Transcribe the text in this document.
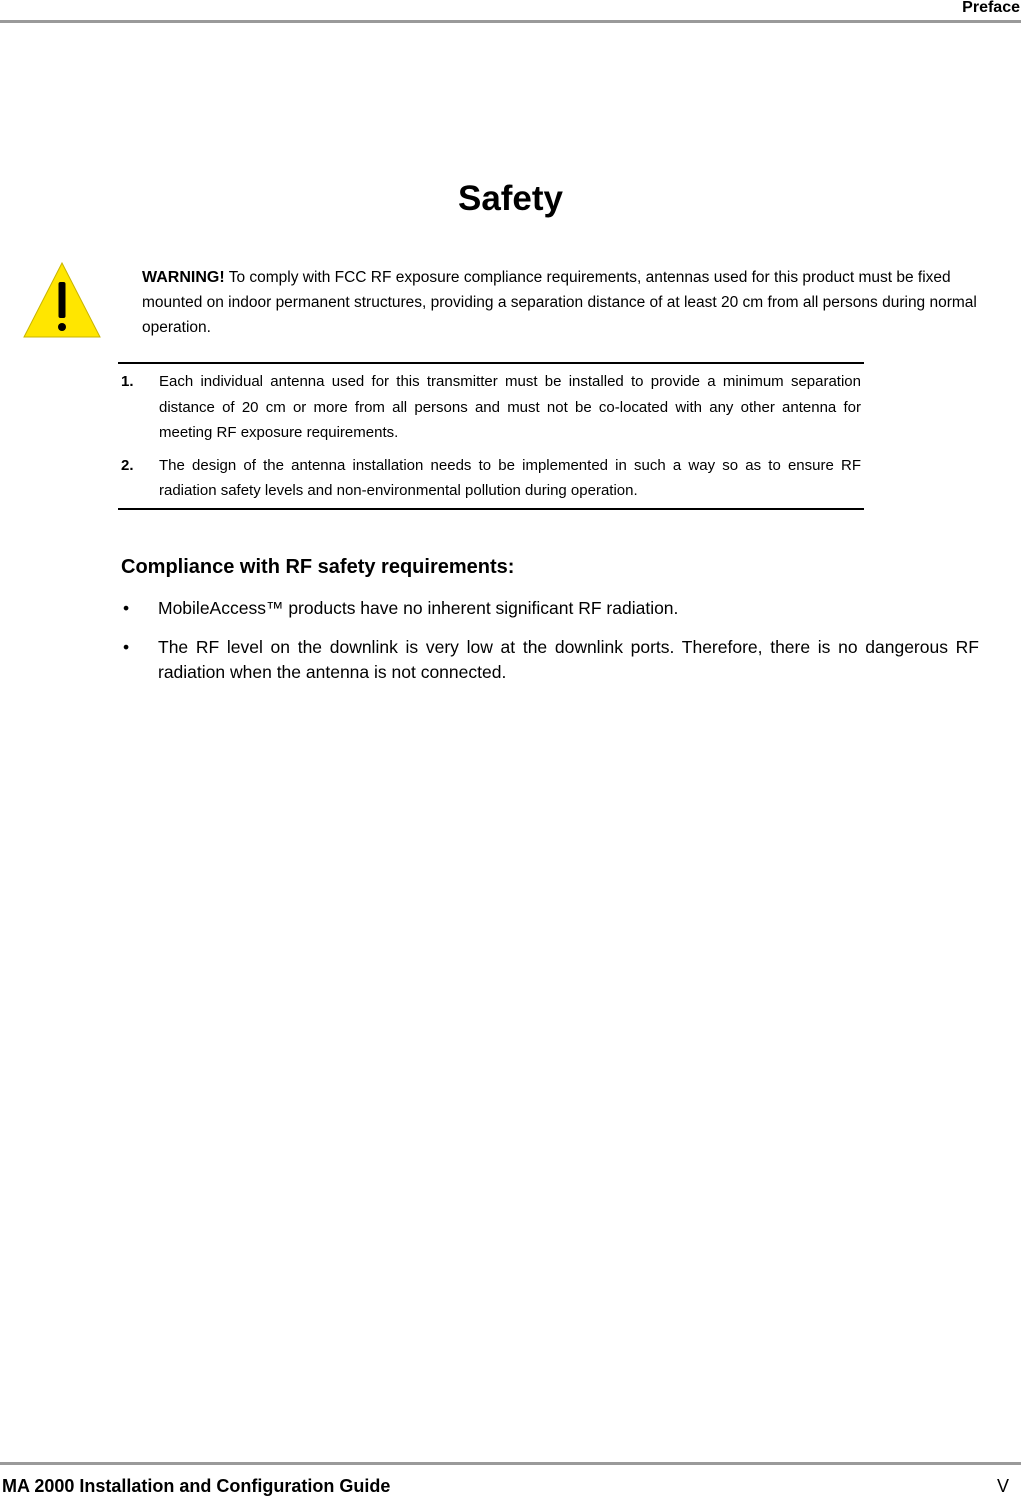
Preface
Safety
WARNING! To comply with FCC RF exposure compliance requirements, antennas used for this product must be fixed mounted on indoor permanent structures, providing a separation distance of at least 20 cm from all persons during normal operation.
1.	Each individual antenna used for this transmitter must be installed to provide a minimum separation distance of 20 cm or more from all persons and must not be co-located with any other antenna for meeting RF exposure requirements.
2.	The design of the antenna installation needs to be implemented in such a way so as to ensure RF radiation safety levels and non-environmental pollution during operation.
Compliance with RF safety requirements:
•	MobileAccess™ products have no inherent significant RF radiation.
•	The RF level on the downlink is very low at the downlink ports. Therefore, there is no dangerous RF radiation when the antenna is not connected.
MA 2000 Installation and Configuration Guide	V
